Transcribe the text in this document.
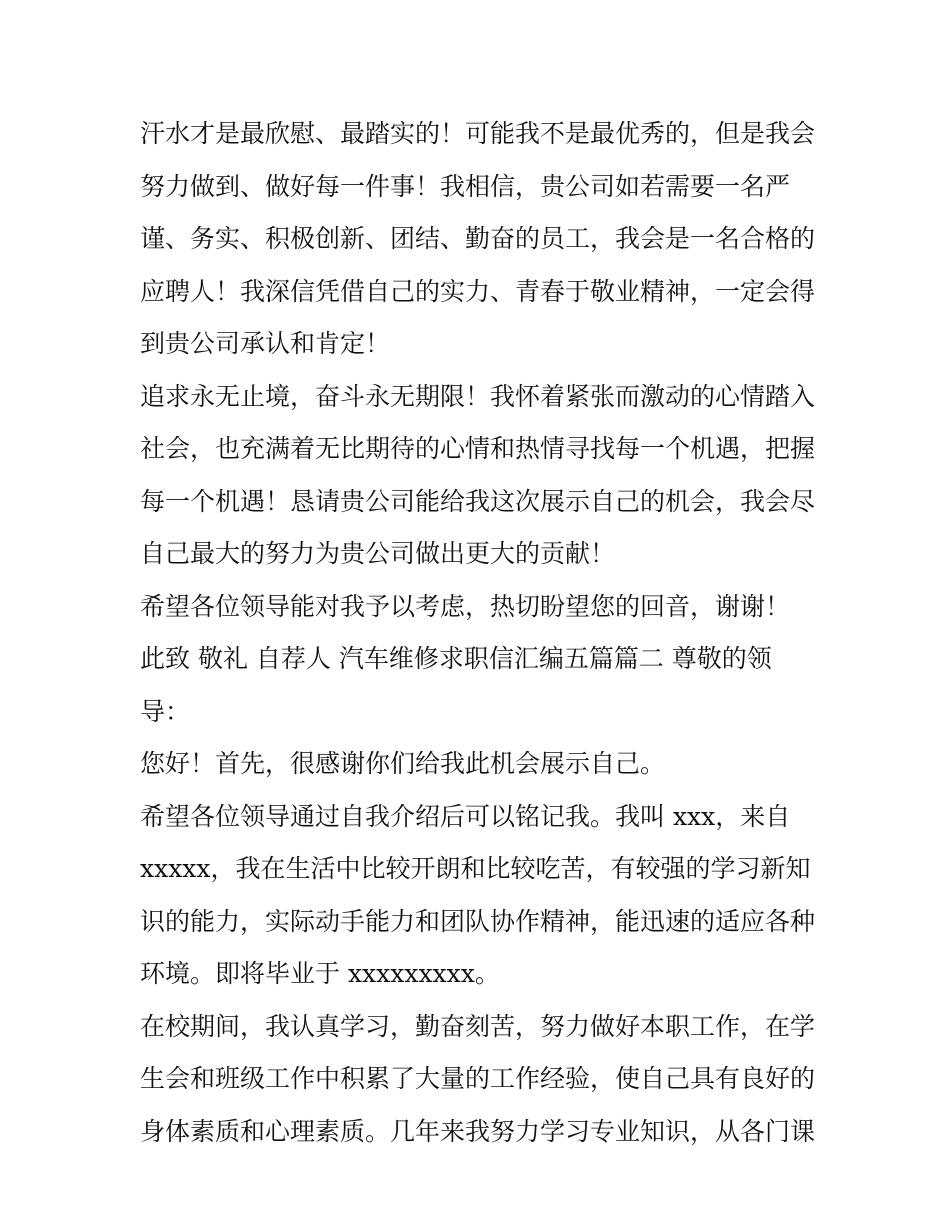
汗水才是最欣慰、最踏实的！可能我不是最优秀的，但是我会
努力做到、做好每一件事！我相信，贵公司如若需要一名严
谨、务实、积极创新、团结、勤奋的员工，我会是一名合格的
应聘人！我深信凭借自己的实力、青春于敬业精神，一定会得
到贵公司承认和肯定！
追求永无止境，奋斗永无期限！我怀着紧张而激动的心情踏入
社会，也充满着无比期待的心情和热情寻找每一个机遇，把握
每一个机遇！恳请贵公司能给我这次展示自己的机会，我会尽
自己最大的努力为贵公司做出更大的贡献！
希望各位领导能对我予以考虑，热切盼望您的回音，谢谢！
此致 敬礼 自荐人 汽车维修求职信汇编五篇篇二 尊敬的领
导：
您好！首先，很感谢你们给我此机会展示自己。
希望各位领导通过自我介绍后可以铭记我。我叫 xxx，来自
xxxxx，我在生活中比较开朗和比较吃苦，有较强的学习新知
识的能力，实际动手能力和团队协作精神，能迅速的适应各种
环境。即将毕业于 xxxxxxxxx。
在校期间，我认真学习，勤奋刻苦，努力做好本职工作，在学
生会和班级工作中积累了大量的工作经验，使自己具有良好的
身体素质和心理素质。几年来我努力学习专业知识，从各门课
